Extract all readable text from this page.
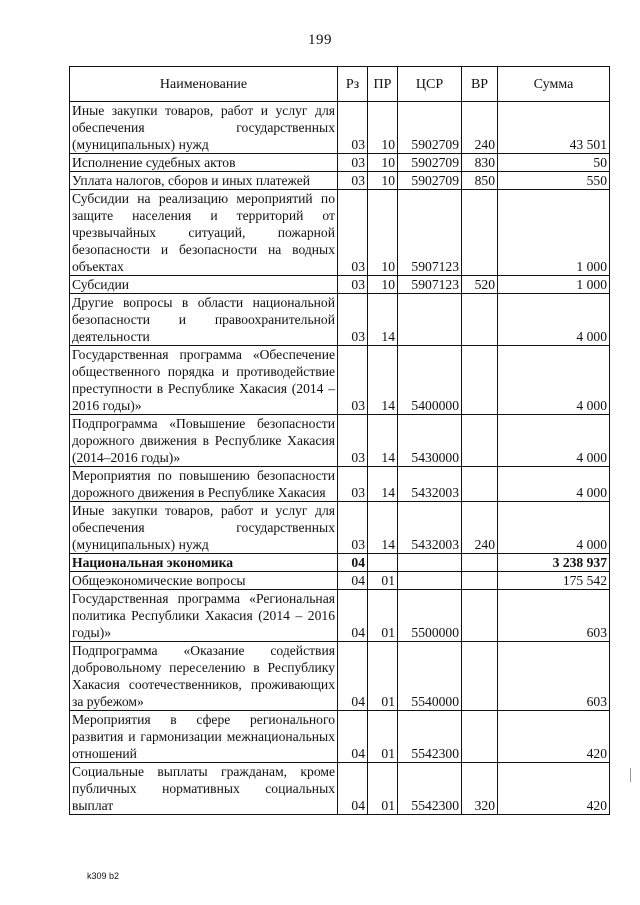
199
Наименование	Рз	ПР	ЦСР	ВР	Сумма
Иные закупки товаров, работ и услуг для обеспечения государственных (муниципальных) нужд	03	10	5902709	240	43 501
Исполнение судебных актов	03	10	5902709	830	50
Уплата налогов, сборов и иных платежей	03	10	5902709	850	550
Субсидии на реализацию мероприятий по защите населения и территорий от чрезвычайных ситуаций, пожарной безопасности и безопасности на водных объектах	03	10	5907123		1 000
Субсидии	03	10	5907123	520	1 000
Другие вопросы в области национальной безопасности и правоохранительной деятельности	03	14			4 000
Государственная программа «Обеспечение общественного порядка и противодействие преступности в Республике Хакасия (2014 – 2016 годы)»	03	14	5400000		4 000
Подпрограмма «Повышение безопасности дорожного движения в Республике Хакасия (2014–2016 годы)»	03	14	5430000		4 000
Мероприятия по повышению безопасности дорожного движения в Республике Хакасия	03	14	5432003		4 000
Иные закупки товаров, работ и услуг для обеспечения государственных (муниципальных) нужд	03	14	5432003	240	4 000
Национальная экономика	04				3 238 937
Общеэкономические вопросы	04	01			175 542
Государственная программа «Региональная политика Республики Хакасия (2014 – 2016 годы)»	04	01	5500000		603
Подпрограмма «Оказание содействия добровольному переселению в Республику Хакасия соотечественников, проживающих за рубежом»	04	01	5540000		603
Мероприятия в сфере регионального развития и гармонизации межнациональных отношений	04	01	5542300		420
Социальные выплаты гражданам, кроме публичных нормативных социальных выплат	04	01	5542300	320	420
k309 b2
